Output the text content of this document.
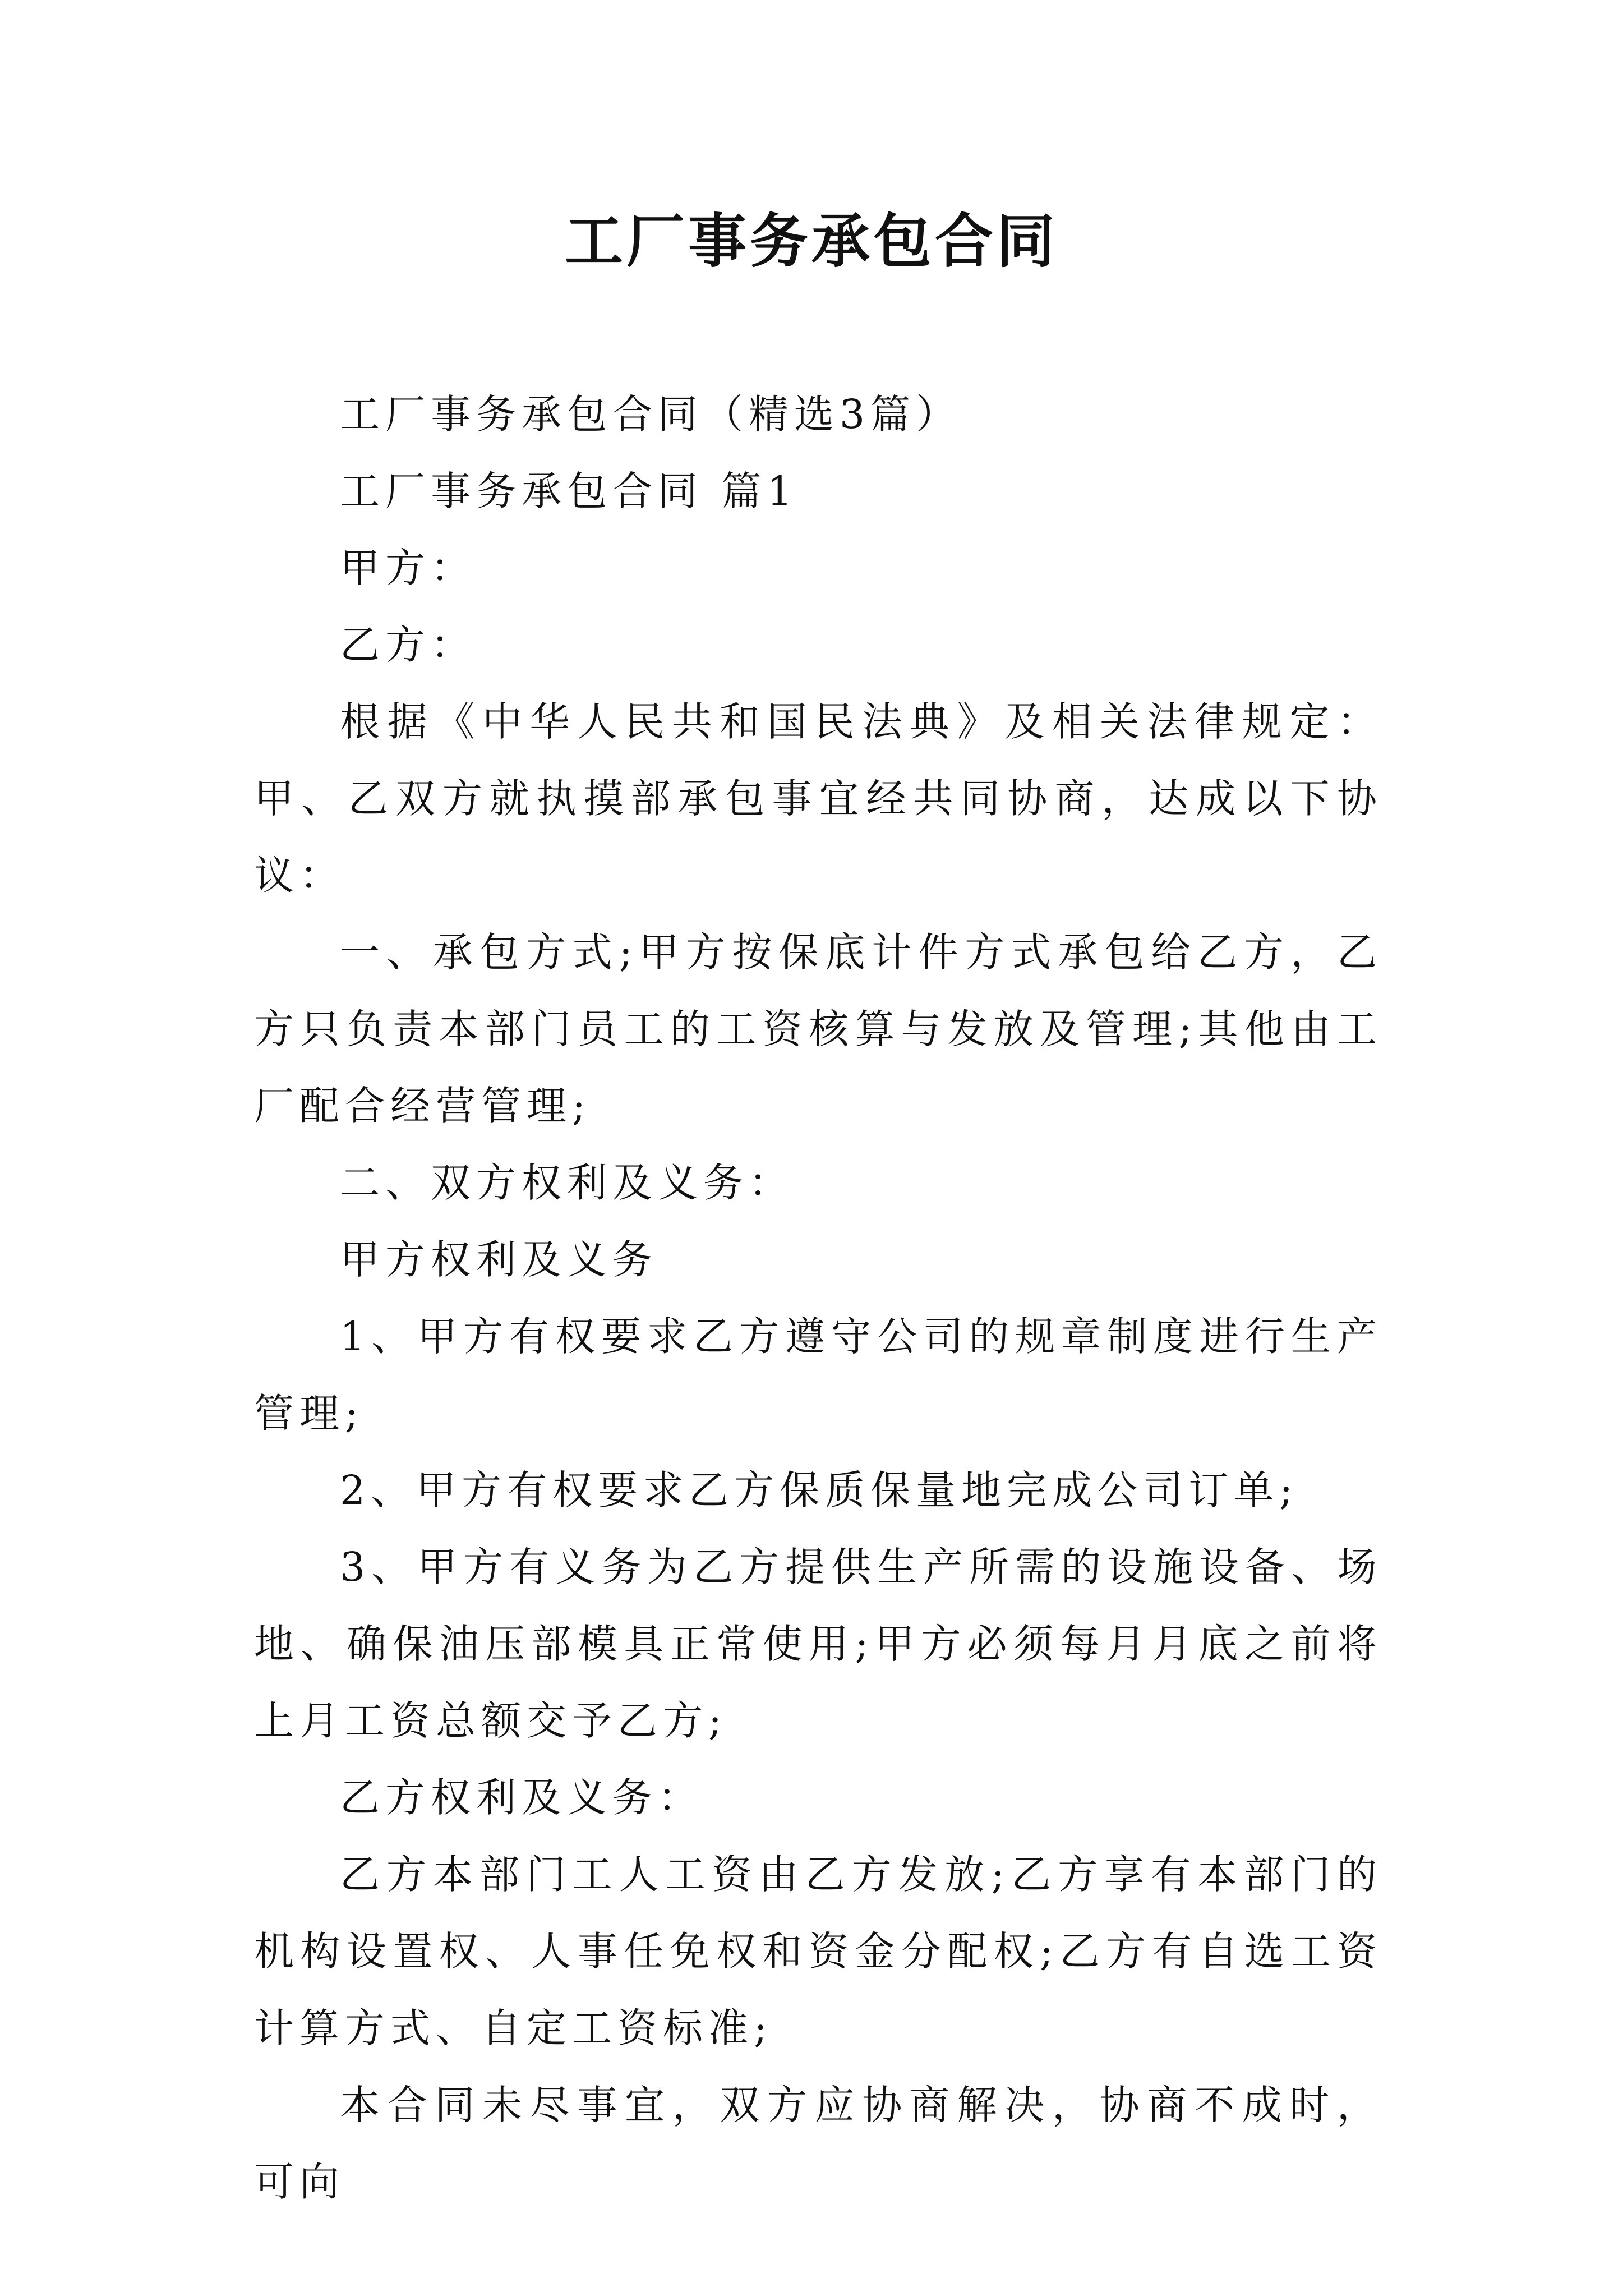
工厂事务承包合同

工厂事务承包合同（精选3篇）

工厂事务承包合同 篇1

甲方：

乙方：

根据《中华人民共和国民法典》及相关法律规定：甲、乙双方就执摸部承包事宜经共同协商，达成以下协议：

一、承包方式;甲方按保底计件方式承包给乙方，乙方只负责本部门员工的工资核算与发放及管理;其他由工厂配合经营管理;

二、双方权利及义务：

甲方权利及义务

1、甲方有权要求乙方遵守公司的规章制度进行生产管理;

2、甲方有权要求乙方保质保量地完成公司订单;

3、甲方有义务为乙方提供生产所需的设施设备、场地、确保油压部模具正常使用;甲方必须每月月底之前将上月工资总额交予乙方;

乙方权利及义务：

乙方本部门工人工资由乙方发放;乙方享有本部门的机构设置权、人事任免权和资金分配权;乙方有自选工资计算方式、自定工资标准;

本合同未尽事宜，双方应协商解决，协商不成时，可向
